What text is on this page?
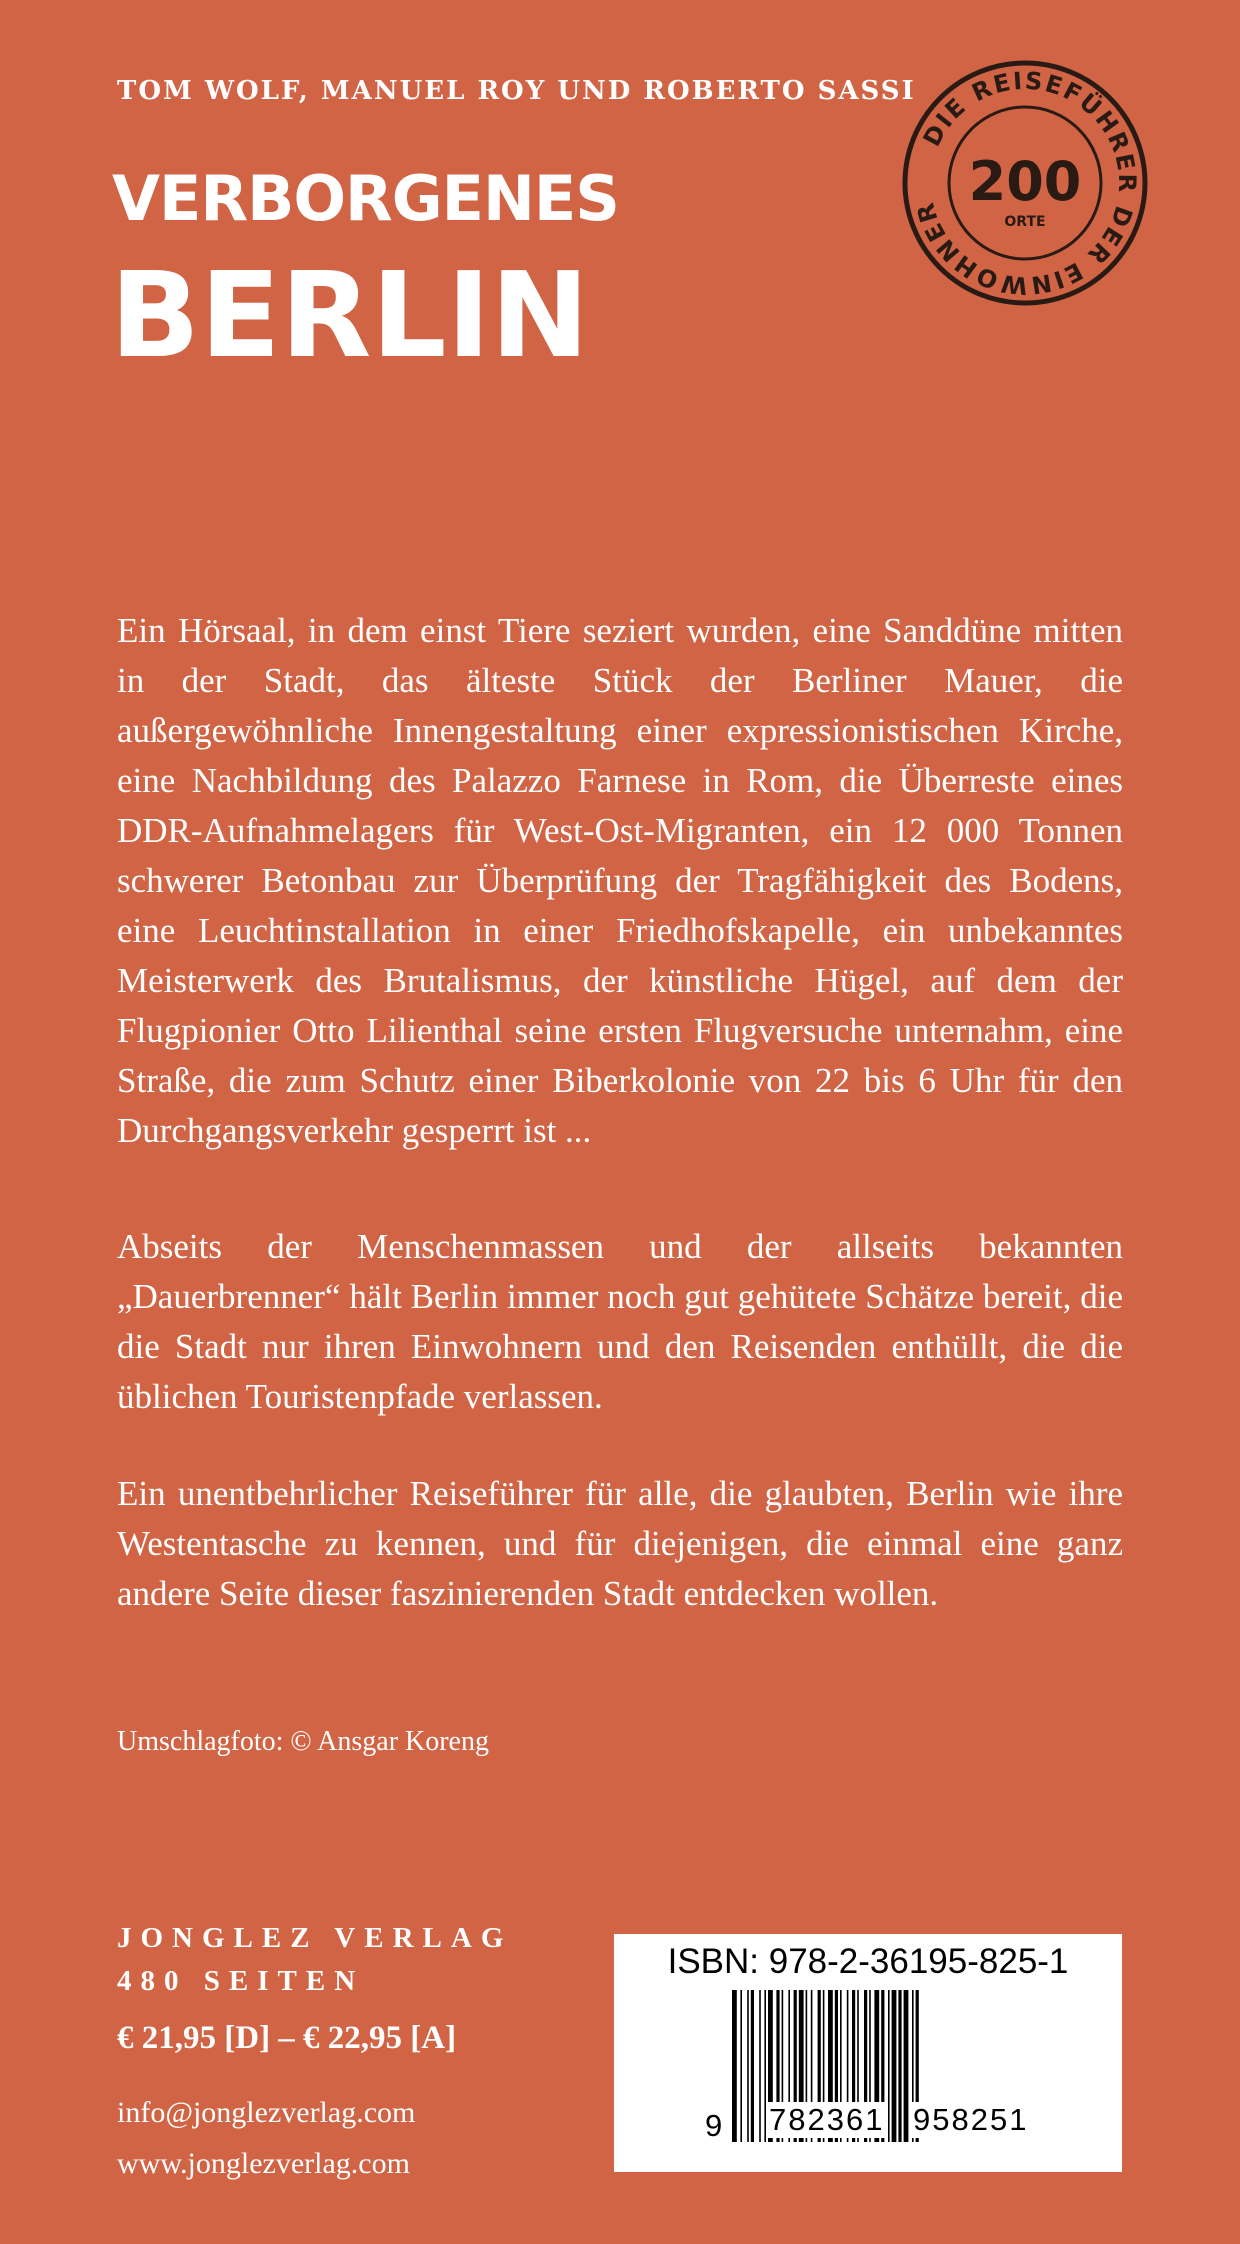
TOM WOLF, MANUEL ROY UND ROBERTO SASSI
VERBORGENES
BERLIN
DIE REISEFÜHRER DER EINWOHNER 200
ORTE

Ein Hörsaal, in dem einst Tiere seziert wurden, eine Sanddüne mitten in der Stadt, das älteste Stück der Berliner Mauer, die außergewöhnliche Innengestaltung einer expressionistischen Kirche, eine Nachbildung des Palazzo Farnese in Rom, die Überreste eines DDR-Aufnahmelagers für West-Ost-Migranten, ein 12 000 Tonnen schwerer Betonbau zur Überprüfung der Tragfähigkeit des Bodens, eine Leuchtinstallation in einer Friedhofskapelle, ein unbekanntes Meisterwerk des Brutalismus, der künstliche Hügel, auf dem der Flugpionier Otto Lilienthal seine ersten Flugversuche unternahm, eine Straße, die zum Schutz einer Biberkolonie von 22 bis 6 Uhr für den Durchgangsverkehr gesperrt ist ...

Abseits der Menschenmassen und der allseits bekannten „Dauerbrenner“ hält Berlin immer noch gut gehütete Schätze bereit, die die Stadt nur ihren Einwohnern und den Reisenden enthüllt, die die üblichen Touristenpfade verlassen.

Ein unentbehrlicher Reiseführer für alle, die glaubten, Berlin wie ihre Westentasche zu kennen, und für diejenigen, die einmal eine ganz andere Seite dieser faszinierenden Stadt entdecken wollen.

Umschlagfoto: © Ansgar Koreng
JONGLEZ VERLAG
480 SEITEN
€ 21,95 [D] – € 22,95 [A]
info@jonglezverlag.com
www.jonglezverlag.com
ISBN: 978-2-36195-825-1
9 782361 958251
